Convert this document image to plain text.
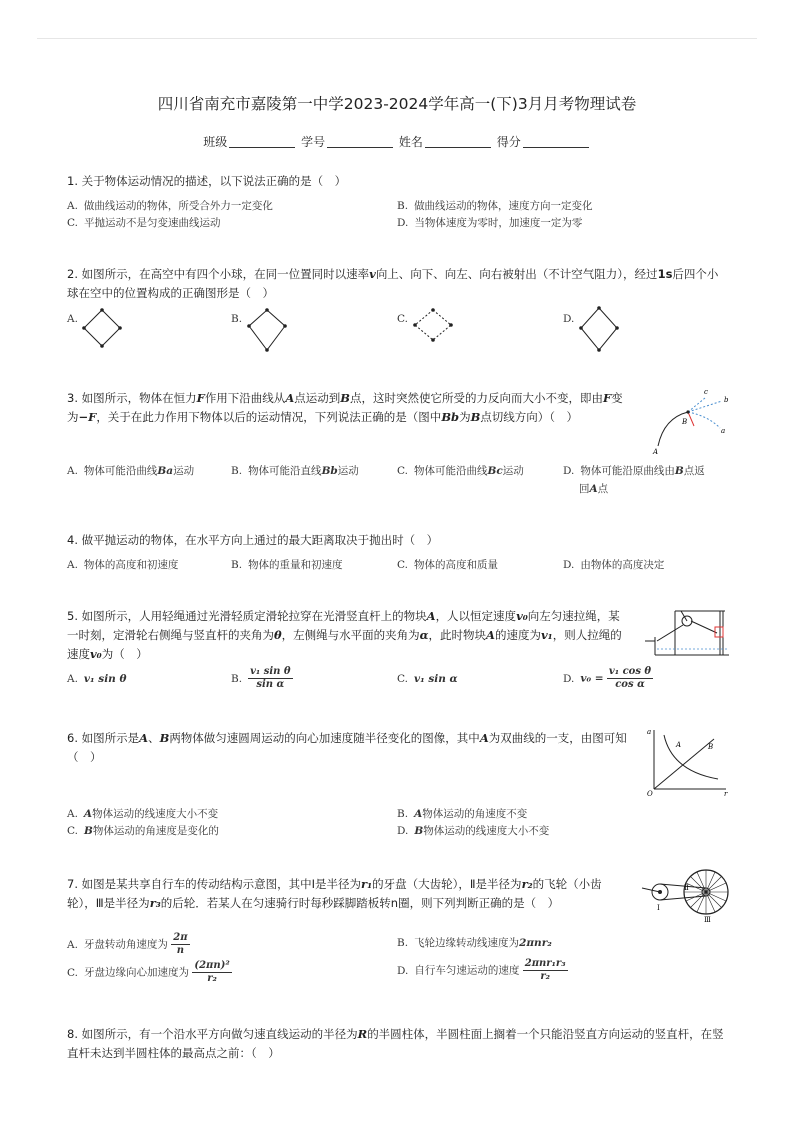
四川省南充市嘉陵第一中学2023-2024学年高一(下)3月月考物理试卷
班级	学号	姓名	得分
1. 关于物体运动情况的描述，以下说法正确的是（　）
A. 做曲线运动的物体，所受合外力一定变化	B. 做曲线运动的物体，速度方向一定变化
C. 平抛运动不是匀变速曲线运动	D. 当物体速度为零时，加速度一定为零
2. 如图所示，在高空中有四个小球，在同一位置同时以速率v向上、向下、向左、向右被射出（不计空气阻力），经过1s后四个小
球在空中的位置构成的正确图形是（　）
A.	B.	C.	D.
3. 如图所示，物体在恒力F作用下沿曲线从A点运动到B点，这时突然使它所受的力反向而大小不变，即由F变
为−F，关于在此力作用下物体以后的运动情况，下列说法正确的是（图中Bb为B点切线方向）（　）
c
b
a
B
A
A. 物体可能沿曲线Ba运动	B. 物体可能沿直线Bb运动	C. 物体可能沿曲线Bc运动	D. 物体可能沿原曲线由B点返
回A点
4. 做平抛运动的物体，在水平方向上通过的最大距离取决于抛出时（　）
A. 物体的高度和初速度	B. 物体的重量和初速度	C. 物体的高度和质量	D. 由物体的高度决定
5. 如图所示，人用轻绳通过光滑轻质定滑轮拉穿在光滑竖直杆上的物块A，人以恒定速度v₀向左匀速拉绳，某
一时刻，定滑轮右侧绳与竖直杆的夹角为θ，左侧绳与水平面的夹角为α，此时物块A的速度为v₁，则人拉绳的
速度v₀为（　）
A. v₁ sin θ	B. $\frac{\text{v₁ sin θ}}{\text{sin α}}$	C. v₁ sin α	D. $v_0 = \frac{\text{v₁ cos θ}}{\text{cos α}}$
6. 如图所示是A、B两物体做匀速圆周运动的向心加速度随半径变化的图像，其中A为双曲线的一支，由图可知
（　）
a
r
O
A	B
A. A物体运动的线速度大小不变	B. A物体运动的角速度不变
C. B物体运动的角速度是变化的	D. B物体运动的线速度大小不变
7. 如图是某共享自行车的传动结构示意图，其中Ⅰ是半径为r₁的牙盘（大齿轮），Ⅱ是半径为r₂的飞轮（小齿
轮），Ⅲ是半径为r₃的后轮．若某人在匀速骑行时每秒踩脚踏板转n圈，则下列判断正确的是（　）	Ⅰ
Ⅱ
Ⅲ
A. 牙盘转动角速度为 $\frac{2\pi}{n}$	B. 飞轮边缘转动线速度为2πnr₂
C. 牙盘边缘向心加速度为 $\frac{\text{(2πn)²}}{\text{r₂}}$	D. 自行车匀速运动的速度 $\frac{\text{2πnr₁r₃}}{\text{r₂}}$
8. 如图所示，有一个沿水平方向做匀速直线运动的半径为R的半圆柱体，半圆柱面上搁着一个只能沿竖直方向运动的竖直杆，在竖
直杆未达到半圆柱体的最高点之前：（　）
